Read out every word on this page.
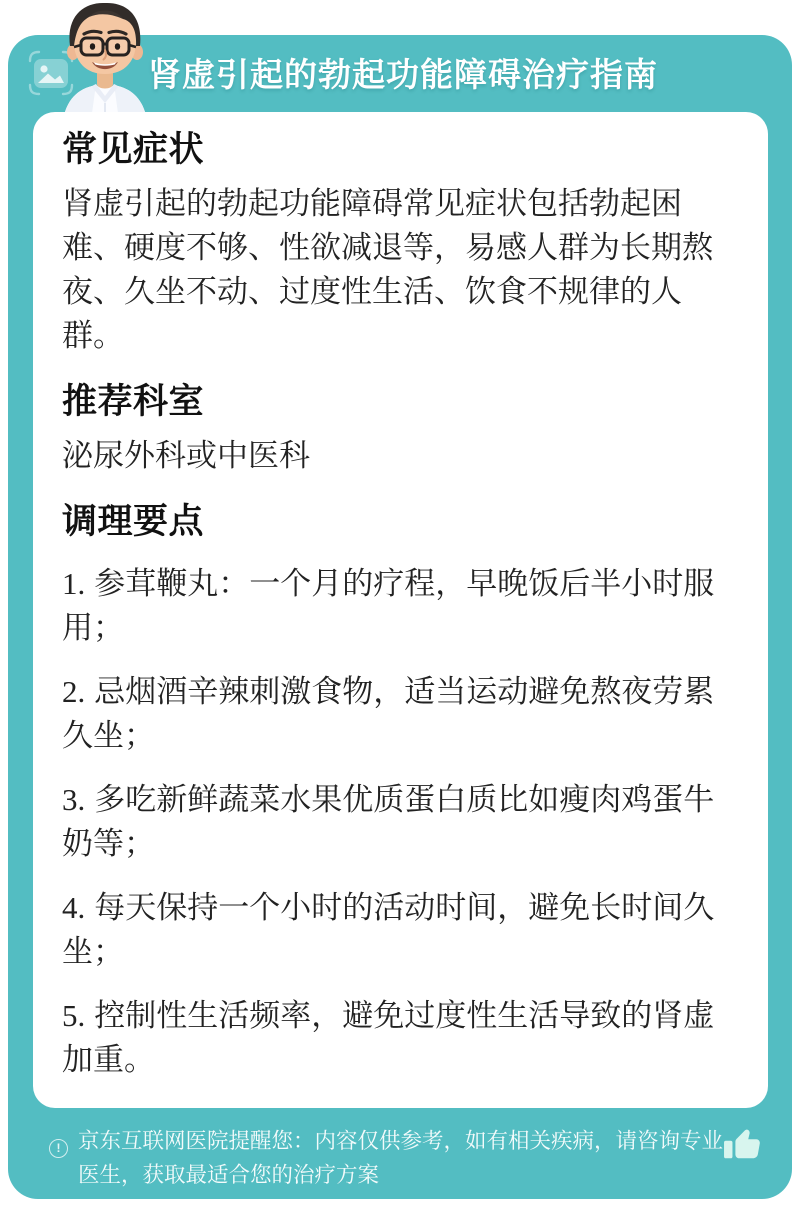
肾虚引起的勃起功能障碍治疗指南
常见症状

肾虚引起的勃起功能障碍常见症状包括勃起困难、硬度不够、性欲减退等，易感人群为长期熬夜、久坐不动、过度性生活、饮食不规律的人群。

推荐科室

泌尿外科或中医科

调理要点

1. 参茸鞭丸：一个月的疗程，早晚饭后半小时服用；

2. 忌烟酒辛辣刺激食物，适当运动避免熬夜劳累久坐；

3. 多吃新鲜蔬菜水果优质蛋白质比如瘦肉鸡蛋牛奶等；

4. 每天保持一个小时的活动时间，避免长时间久坐；

5. 控制性生活频率，避免过度性生活导致的肾虚加重。

! 京东互联网医院提醒您：内容仅供参考，如有相关疾病，请咨询专业医生，获取最适合您的治疗方案
